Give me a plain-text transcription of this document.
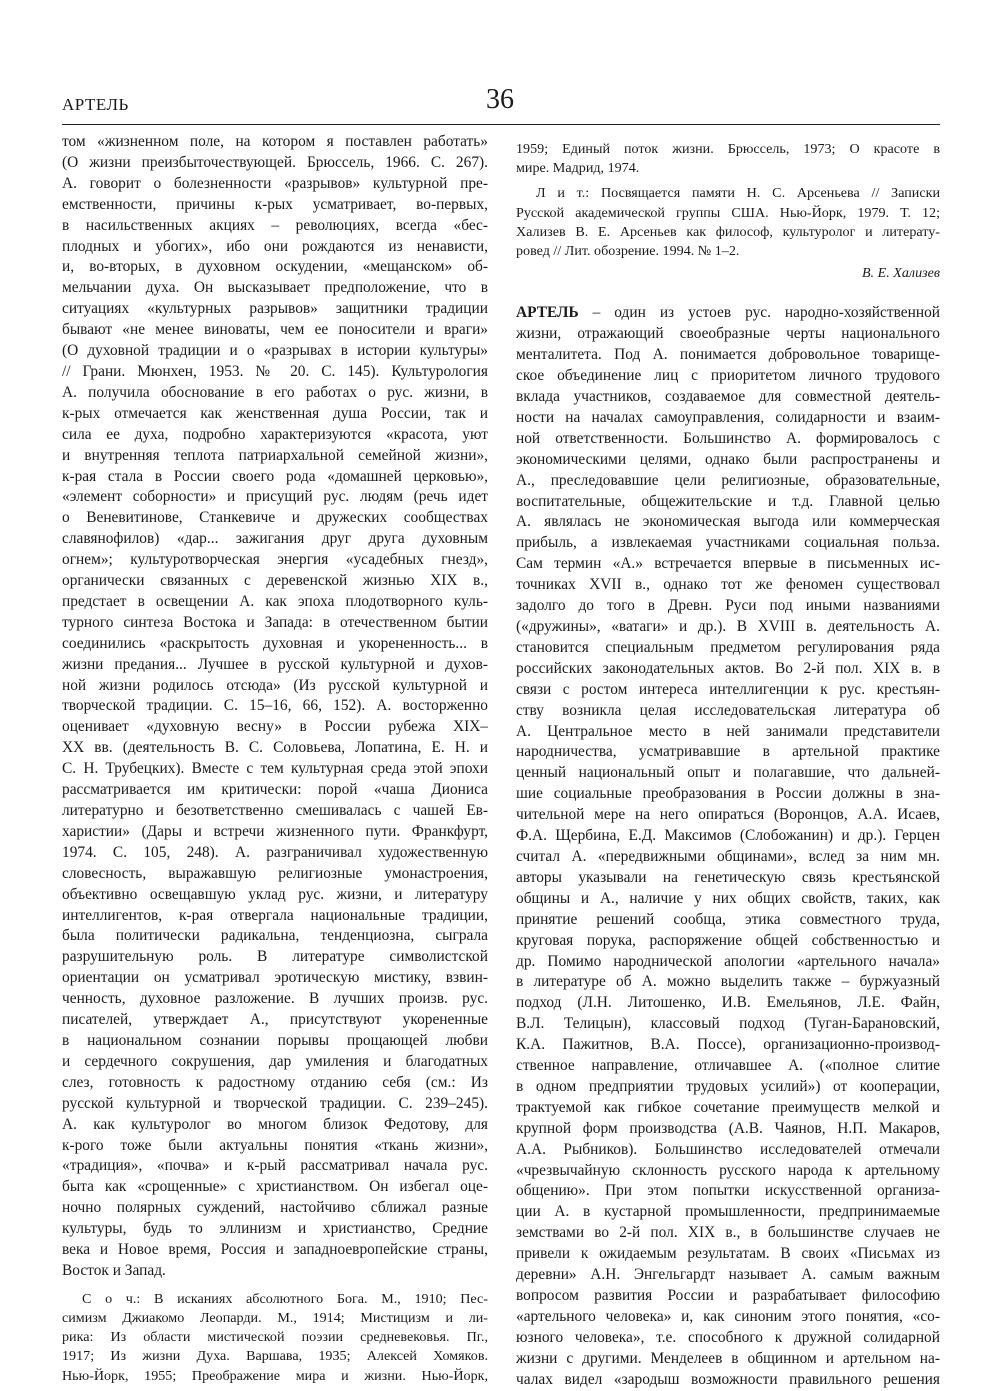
АРТЕЛЬ	36
том «жизненном поле, на котором я поставлен работать»
(О жизни преизбыточествующей. Брюссель, 1966. С. 267).
А. говорит о болезненности «разрывов» культурной пре-
емственности, причины к-рых усматривает, во-первых,
в насильственных акциях – революциях, всегда «бес-
плодных и убогих», ибо они рождаются из ненависти,
и, во-вторых, в духовном оскудении, «мещанском» об-
мельчании духа. Он высказывает предположение, что в
ситуациях «культурных разрывов» защитники традиции
бывают «не менее виноваты, чем ее поносители и враги»
(О духовной традиции и о «разрывах в истории культуры»
// Грани. Мюнхен, 1953. № 20. С. 145). Культурология
А. получила обоснование в его работах о рус. жизни, в
к-рых отмечается как женственная душа России, так и
сила ее духа, подробно характеризуются «красота, уют
и внутренняя теплота патриархальной семейной жизни»,
к-рая стала в России своего рода «домашней церковью»,
«элемент соборности» и присущий рус. людям (речь идет
о Веневитинове, Станкевиче и дружеских сообществах
славянофилов) «дар... зажигания друг друга духовным
огнем»; культуротворческая энергия «усадебных гнезд»,
органически связанных с деревенской жизнью XIX в.,
предстает в освещении А. как эпоха плодотворного куль-
турного синтеза Востока и Запада: в отечественном бытии
соединились «раскрытость духовная и укорененность... в
жизни предания... Лучшее в русской культурной и духов-
ной жизни родилось отсюда» (Из русской культурной и
творческой традиции. С. 15–16, 66, 152). А. восторженно
оценивает «духовную весну» в России рубежа XIX–
XX вв. (деятельность В. С. Соловьева, Лопатина, Е. Н. и
С. Н. Трубецких). Вместе с тем культурная среда этой эпохи
рассматривается им критически: порой «чаша Диониса
литературно и безответственно смешивалась с чашей Ев-
харистии» (Дары и встречи жизненного пути. Франкфурт,
1974. С. 105, 248). А. разграничивал художественную
словесность, выражавшую религиозные умонастроения,
объективно освещавшую уклад рус. жизни, и литературу
интеллигентов, к-рая отвергала национальные традиции,
была политически радикальна, тенденциозна, сыграла
разрушительную роль. В литературе символистской
ориентации он усматривал эротическую мистику, взвин-
ченность, духовное разложение. В лучших произв. рус.
писателей, утверждает А., присутствуют укорененные
в национальном сознании порывы прощающей любви
и сердечного сокрушения, дар умиления и благодатных
слез, готовность к радостному отданию себя (см.: Из
русской культурной и творческой традиции. С. 239–245).
А. как культуролог во многом близок Федотову, для
к-рого тоже были актуальны понятия «ткань жизни»,
«традиция», «почва» и к-рый рассматривал начала рус.
быта как «срощенные» с христианством. Он избегал оце-
ночно полярных суждений, настойчиво сближал разные
культуры, будь то эллинизм и христианство, Средние
века и Новое время, Россия и западноевропейские страны,
Восток и Запад.
С о ч.: В исканиях абсолютного Бога. М., 1910; Пес-
симизм Джиакомо Леопарди. М., 1914; Мистицизм и ли-
рика: Из области мистической поэзии средневековья. Пг.,
1917; Из жизни Духа. Варшава, 1935; Алексей Хомяков.
Нью-Йорк, 1955; Преображение мира и жизни. Нью-Йорк,
1959; Единый поток жизни. Брюссель, 1973; О красоте в
мире. Мадрид, 1974.
Л и т.: Посвящается памяти Н. С. Арсеньева // Записки
Русской академической группы США. Нью-Йорк, 1979. Т. 12;
Хализев В. Е. Арсеньев как философ, культуролог и литерату-
ровед // Лит. обозрение. 1994. № 1–2.
В. Е. Хализев
АРТЕЛЬ – один из устоев рус. народно-хозяйственной
жизни, отражающий своеобразные черты национального
менталитета. Под А. понимается добровольное товарище-
ское объединение лиц с приоритетом личного трудового
вклада участников, создаваемое для совместной деятель-
ности на началах самоуправления, солидарности и взаим-
ной ответственности. Большинство А. формировалось с
экономическими целями, однако были распространены и
А., преследовавшие цели религиозные, образовательные,
воспитательные, общежительские и т.д. Главной целью
А. являлась не экономическая выгода или коммерческая
прибыль, а извлекаемая участниками социальная польза.
Сам термин «А.» встречается впервые в письменных ис-
точниках XVII в., однако тот же феномен существовал
задолго до того в Древн. Руси под иными названиями
(«дружины», «ватаги» и др.). В XVIII в. деятельность А.
становится специальным предметом регулирования ряда
российских законодательных актов. Во 2-й пол. XIX в. в
связи с ростом интереса интеллигенции к рус. крестьян-
ству возникла целая исследовательская литература об
А. Центральное место в ней занимали представители
народничества, усматривавшие в артельной практике
ценный национальный опыт и полагавшие, что дальней-
шие социальные преобразования в России должны в зна-
чительной мере на него опираться (Воронцов, А.А. Исаев,
Ф.А. Щербина, Е.Д. Максимов (Слобожанин) и др.). Герцен
считал А. «передвижными общинами», вслед за ним мн.
авторы указывали на генетическую связь крестьянской
общины и А., наличие у них общих свойств, таких, как
принятие решений сообща, этика совместного труда,
круговая порука, распоряжение общей собственностью и
др. Помимо народнической апологии «артельного начала»
в литературе об А. можно выделить также – буржуазный
подход (Л.Н. Литошенко, И.В. Емельянов, Л.Е. Файн,
В.Л. Телицын), классовый подход (Туган-Барановский,
К.А. Пажитнов, В.А. Поссе), организационно-производ-
ственное направление, отличавшее А. («полное слитие
в одном предприятии трудовых усилий») от кооперации,
трактуемой как гибкое сочетание преимуществ мелкой и
крупной форм производства (А.В. Чаянов, Н.П. Макаров,
А.А. Рыбников). Большинство исследователей отмечали
«чрезвычайную склонность русского народа к артельному
общению». При этом попытки искусственной организа-
ции А. в кустарной промышленности, предпринимаемые
земствами во 2-й пол. XIX в., в большинстве случаев не
привели к ожидаемым результатам. В своих «Письмах из
деревни» А.Н. Энгельгардт называет А. самым важным
вопросом развития России и разрабатывает философию
«артельного человека» и, как синоним этого понятия, «со-
юзного человека», т.е. способного к дружной солидарной
жизни с другими. Менделеев в общинном и артельном на-
чалах видел «зародыш возможности правильного решения
